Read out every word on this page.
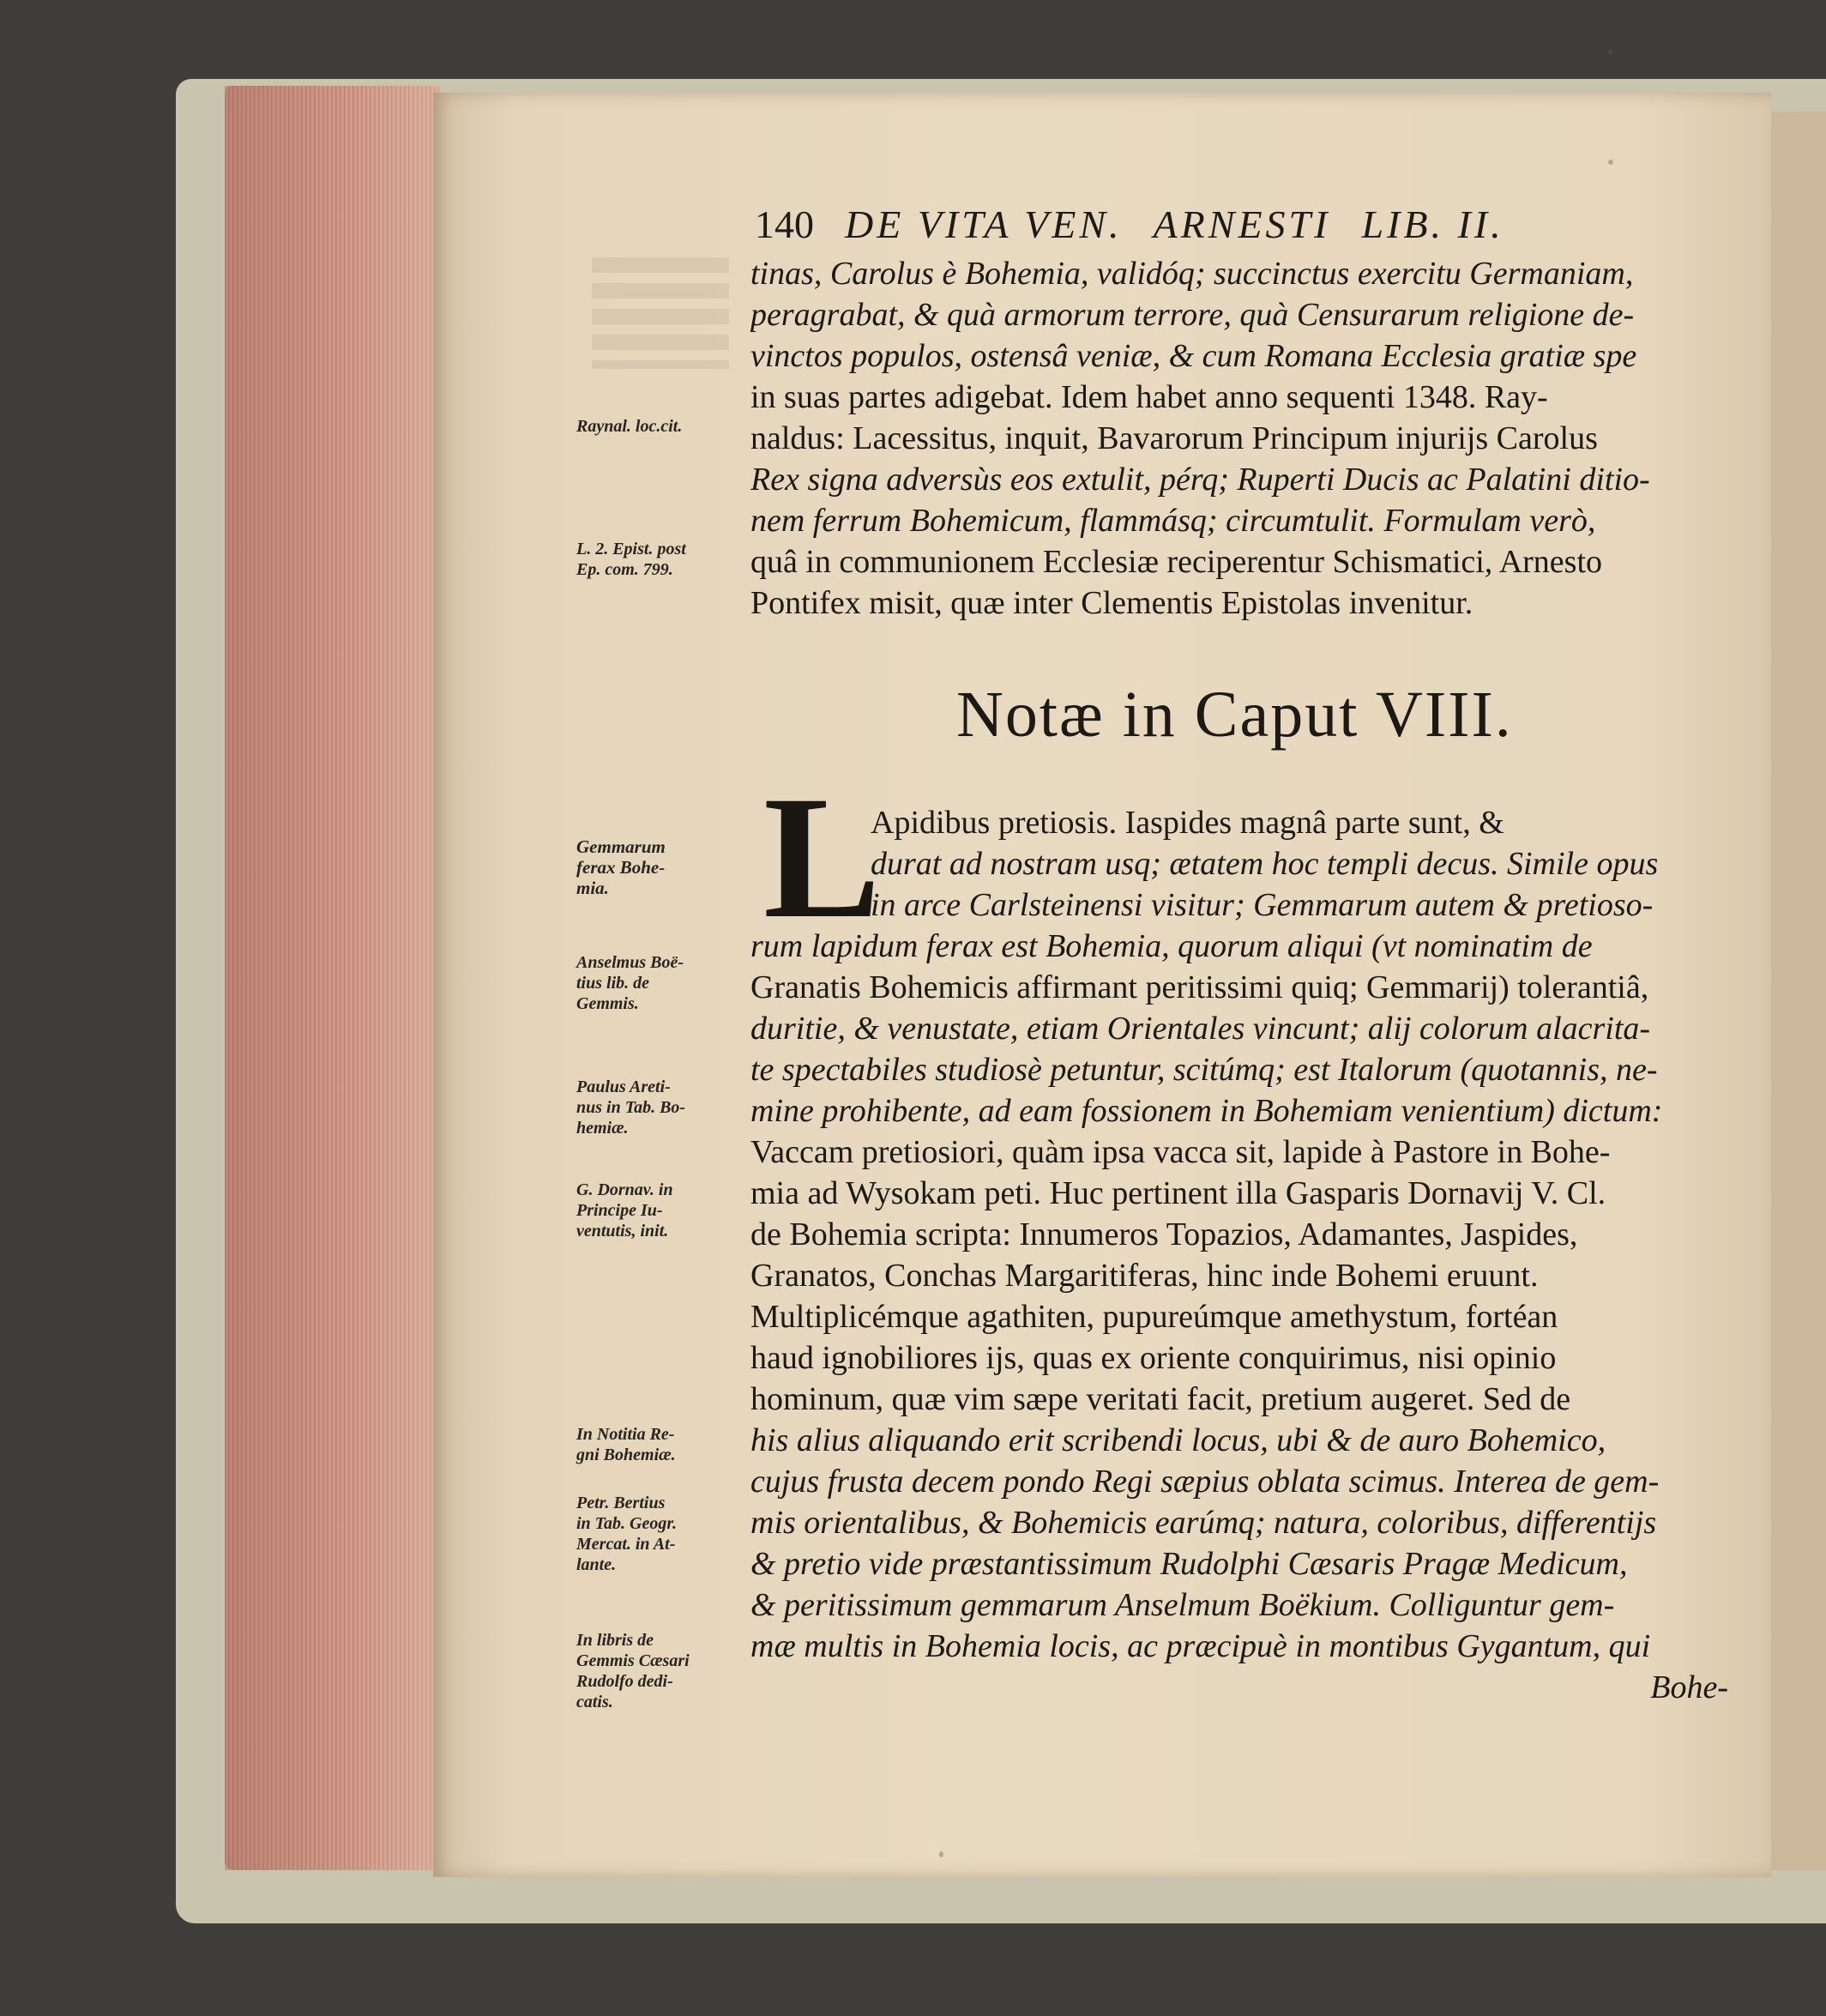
140 DE VITA VEN. ARNESTI LIB. II.
tinas, Carolus è Bohemia, validóq; succinctus exercitu Germaniam,
peragrabat, & quà armorum terrore, quà Censurarum religione de-
vinctos populos, ostensâ veniæ, & cum Romana Ecclesia gratiæ spe
in suas partes adigebat. Idem habet anno sequenti 1348. Ray-
naldus: Lacessitus, inquit, Bavarorum Principum injurijs Carolus
Rex signa adversùs eos extulit, pérq; Ruperti Ducis ac Palatini ditio-
nem ferrum Bohemicum, flammásq; circumtulit. Formulam verò,
quâ in communionem Ecclesiæ reciperentur Schismatici, Arnesto
Pontifex misit, quæ inter Clementis Epistolas invenitur.
Notæ in Caput VIII.
L
Apidibus pretiosis. Iaspides magnâ parte sunt, &
durat ad nostram usq; ætatem hoc templi decus. Simile opus
in arce Carlsteinensi visitur; Gemmarum autem & pretioso-
rum lapidum ferax est Bohemia, quorum aliqui (vt nominatim de
Granatis Bohemicis affirmant peritissimi quiq; Gemmarij) tolerantiâ,
duritie, & venustate, etiam Orientales vincunt; alij colorum alacrita-
te spectabiles studiosè petuntur, scitúmq; est Italorum (quotannis, ne-
mine prohibente, ad eam fossionem in Bohemiam venientium) dictum:
Vaccam pretiosiori, quàm ipsa vacca sit, lapide à Pastore in Bohe-
mia ad Wysokam peti. Huc pertinent illa Gasparis Dornavij V. Cl.
de Bohemia scripta: Innumeros Topazios, Adamantes, Jaspides,
Granatos, Conchas Margaritiferas, hinc inde Bohemi eruunt.
Multiplicémque agathiten, pupureúmque amethystum, fortéan
haud ignobiliores ijs, quas ex oriente conquirimus, nisi opinio
hominum, quæ vim sæpe veritati facit, pretium augeret. Sed de
his alius aliquando erit scribendi locus, ubi & de auro Bohemico,
cujus frusta decem pondo Regi sæpius oblata scimus. Interea de gem-
mis orientalibus, & Bohemicis earúmq; natura, coloribus, differentijs
& pretio vide præstantissimum Rudolphi Cæsaris Pragæ Medicum,
& peritissimum gemmarum Anselmum Boëkium. Colliguntur gem-
mæ multis in Bohemia locis, ac præcipuè in montibus Gygantum, qui
Bohe-
Raynal. loc.cit.
L. 2. Epist. post
Ep. com. 799.
Gemmarum
ferax Bohe-
mia.
Anselmus Boë-
tius lib. de
Gemmis.
Paulus Areti-
nus in Tab. Bo-
hemiæ.
G. Dornav. in
Principe Iu-
ventutis, init.
In Notitia Re-
gni Bohemiæ.
Petr. Bertius
in Tab. Geogr.
Mercat. in At-
lante.
In libris de
Gemmis Cæsari
Rudolfo dedi-
catis.
